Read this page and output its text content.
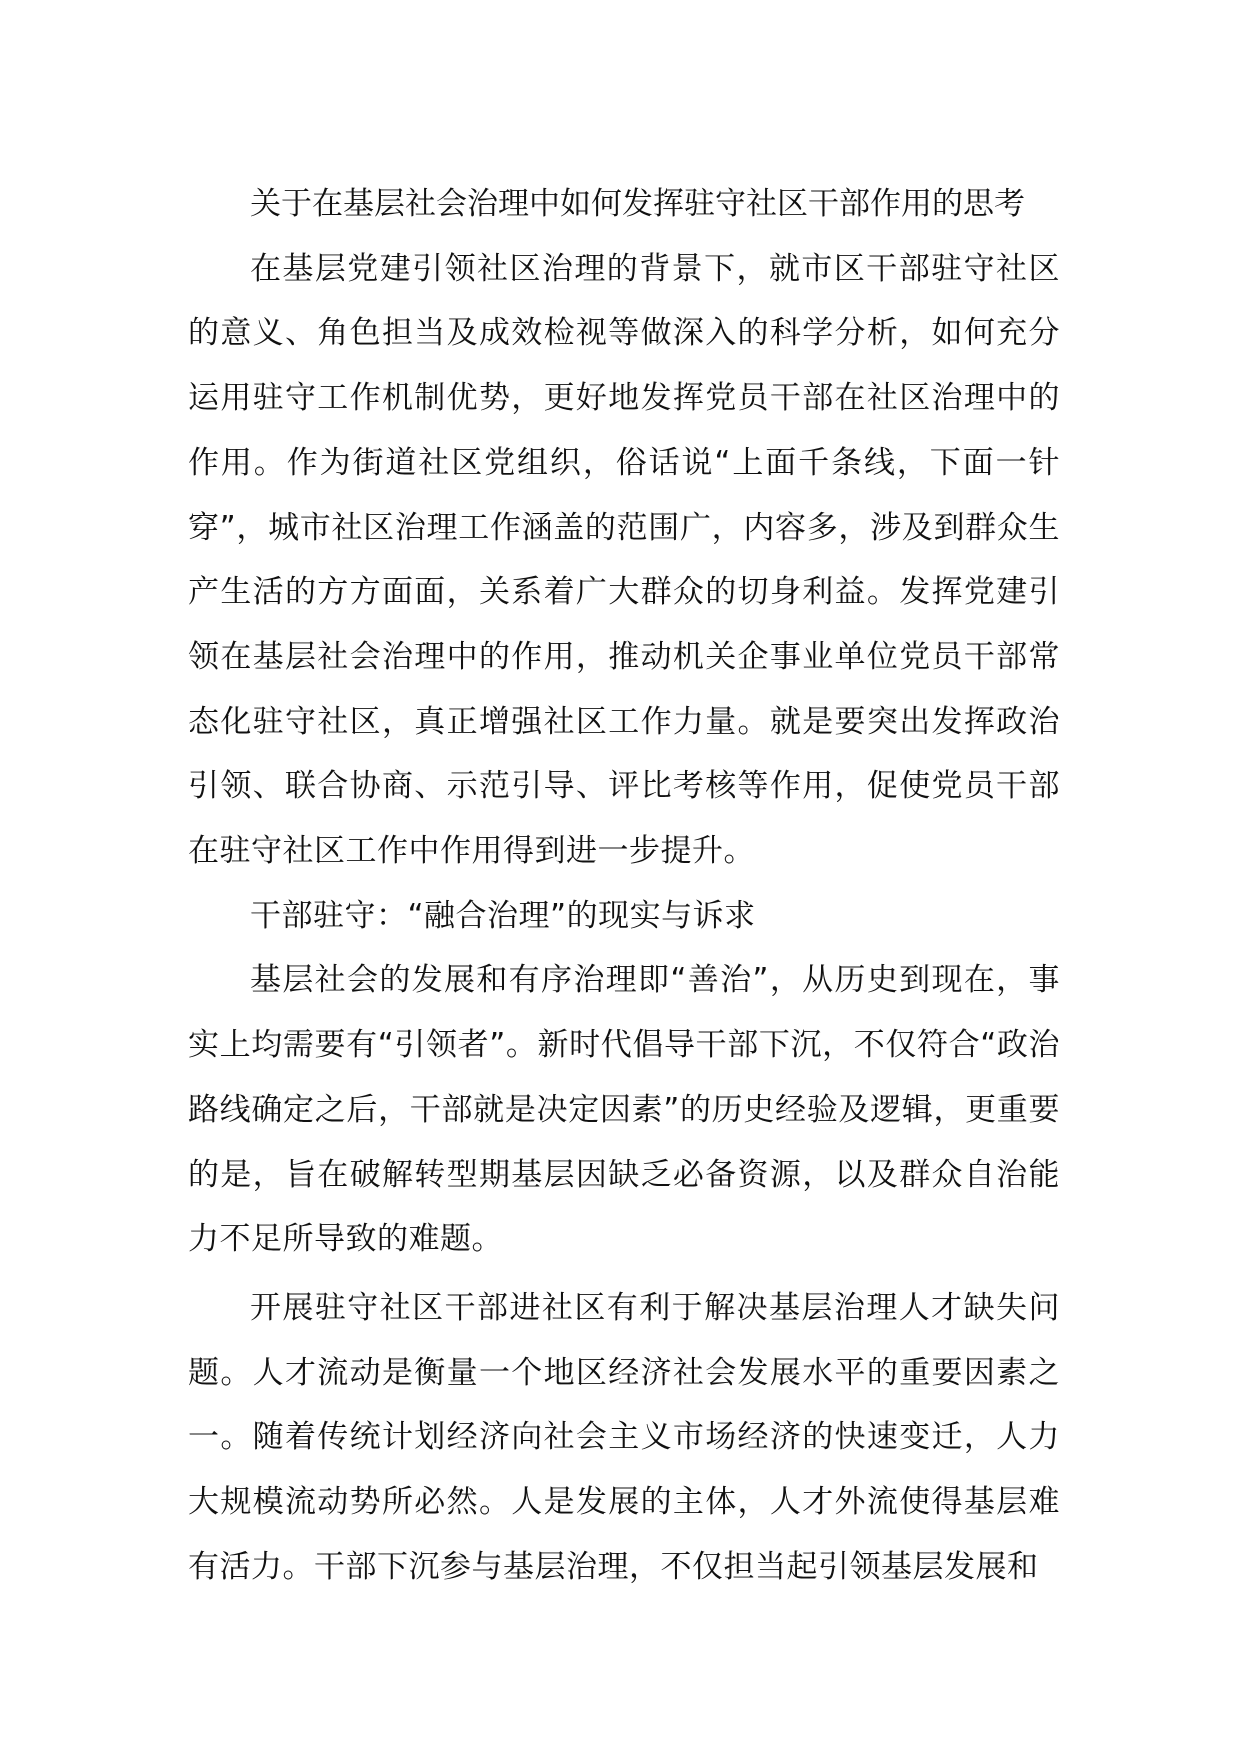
关于在基层社会治理中如何发挥驻守社区干部作用的思考

在基层党建引领社区治理的背景下，就市区干部驻守社区的意义、角色担当及成效检视等做深入的科学分析，如何充分运用驻守工作机制优势，更好地发挥党员干部在社区治理中的作用。作为街道社区党组织，俗话说“上面千条线，下面一针穿”，城市社区治理工作涵盖的范围广，内容多，涉及到群众生产生活的方方面面，关系着广大群众的切身利益。发挥党建引领在基层社会治理中的作用，推动机关企事业单位党员干部常态化驻守社区，真正增强社区工作力量。就是要突出发挥政治引领、联合协商、示范引导、评比考核等作用，促使党员干部在驻守社区工作中作用得到进一步提升。

干部驻守：“融合治理”的现实与诉求

基层社会的发展和有序治理即“善治”，从历史到现在，事实上均需要有“引领者”。新时代倡导干部下沉，不仅符合“政治路线确定之后，干部就是决定因素”的历史经验及逻辑，更重要的是，旨在破解转型期基层因缺乏必备资源，以及群众自治能力不足所导致的难题。

开展驻守社区干部进社区有利于解决基层治理人才缺失问题。人才流动是衡量一个地区经济社会发展水平的重要因素之一。随着传统计划经济向社会主义市场经济的快速变迁，人力大规模流动势所必然。人是发展的主体，人才外流使得基层难有活力。干部下沉参与基层治理，不仅担当起引领基层发展和
